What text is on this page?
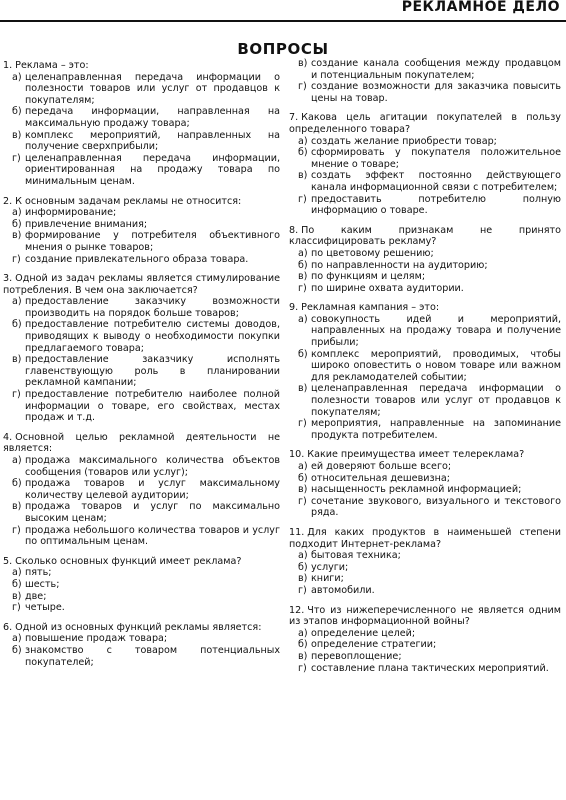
РЕКЛАМНОЕ ДЕЛО
ВОПРОСЫ
1. Реклама – это:
а) целенаправленная передача информации о полезности товаров или услуг от продавцов к покупателям;
б) передача информации, направленная на максимальную продажу товара;
в) комплекс мероприятий, направленных на получение сверхприбыли;
г) целенаправленная передача информации, ориентированная на продажу товара по минимальным ценам.
2. К основным задачам рекламы не относится:
а) информирование;
б) привлечение внимания;
в) формирование у потребителя объективного мнения о рынке товаров;
г) создание привлекательного образа товара.
3. Одной из задач рекламы является стимулирование потребления. В чем она заключается?
а) предоставление заказчику возможности производить на порядок больше товаров;
б) предоставление потребителю системы доводов, приводящих к выводу о необходимости покупки предлагаемого товара;
в) предоставление заказчику исполнять главенствующую роль в планировании рекламной кампании;
г) предоставление потребителю наиболее полной информации о товаре, его свойствах, местах продаж и т.д.
4. Основной целью рекламной деятельности не является:
а) продажа максимального количества объектов сообщения (товаров или услуг);
б) продажа товаров и услуг максимальному количеству целевой аудитории;
в) продажа товаров и услуг по максимально высоким ценам;
г) продажа небольшого количества товаров и услуг по оптимальным ценам.
5. Сколько основных функций имеет реклама?
а) пять;
б) шесть;
в) две;
г) четыре.
6. Одной из основных функций рекламы является:
а) повышение продаж товара;
б) знакомство с товаром потенциальных покупателей;
в) создание канала сообщения между продавцом и потенциальным покупателем;
г) создание возможности для заказчика повысить цены на товар.
7. Какова цель агитации покупателей в пользу определенного товара?
а) создать желание приобрести товар;
б) сформировать у покупателя положительное мнение о товаре;
в) создать эффект постоянно действующего канала информационной связи с потребителем;
г) предоставить потребителю полную информацию о товаре.
8. По каким признакам не принято классифицировать рекламу?
а) по цветовому решению;
б) по направленности на аудиторию;
в) по функциям и целям;
г) по ширине охвата аудитории.
9. Рекламная кампания – это:
а) совокупность идей и мероприятий, направленных на продажу товара и получение прибыли;
б) комплекс мероприятий, проводимых, чтобы широко оповестить о новом товаре или важном для рекламодателей событии;
в) целенаправленная передача информации о полезности товаров или услуг от продавцов к покупателям;
г) мероприятия, направленные на запоминание продукта потребителем.
10. Какие преимущества имеет телереклама?
а) ей доверяют больше всего;
б) относительная дешевизна;
в) насыщенность рекламной информацией;
г) сочетание звукового, визуального и текстового ряда.
11. Для каких продуктов в наименьшей степени подходит Интернет-реклама?
а) бытовая техника;
б) услуги;
в) книги;
г) автомобили.
12. Что из нижеперечисленного не является одним из этапов информационной войны?
а) определение целей;
б) определение стратегии;
в) перевоплощение;
г) составление плана тактических мероприятий.
